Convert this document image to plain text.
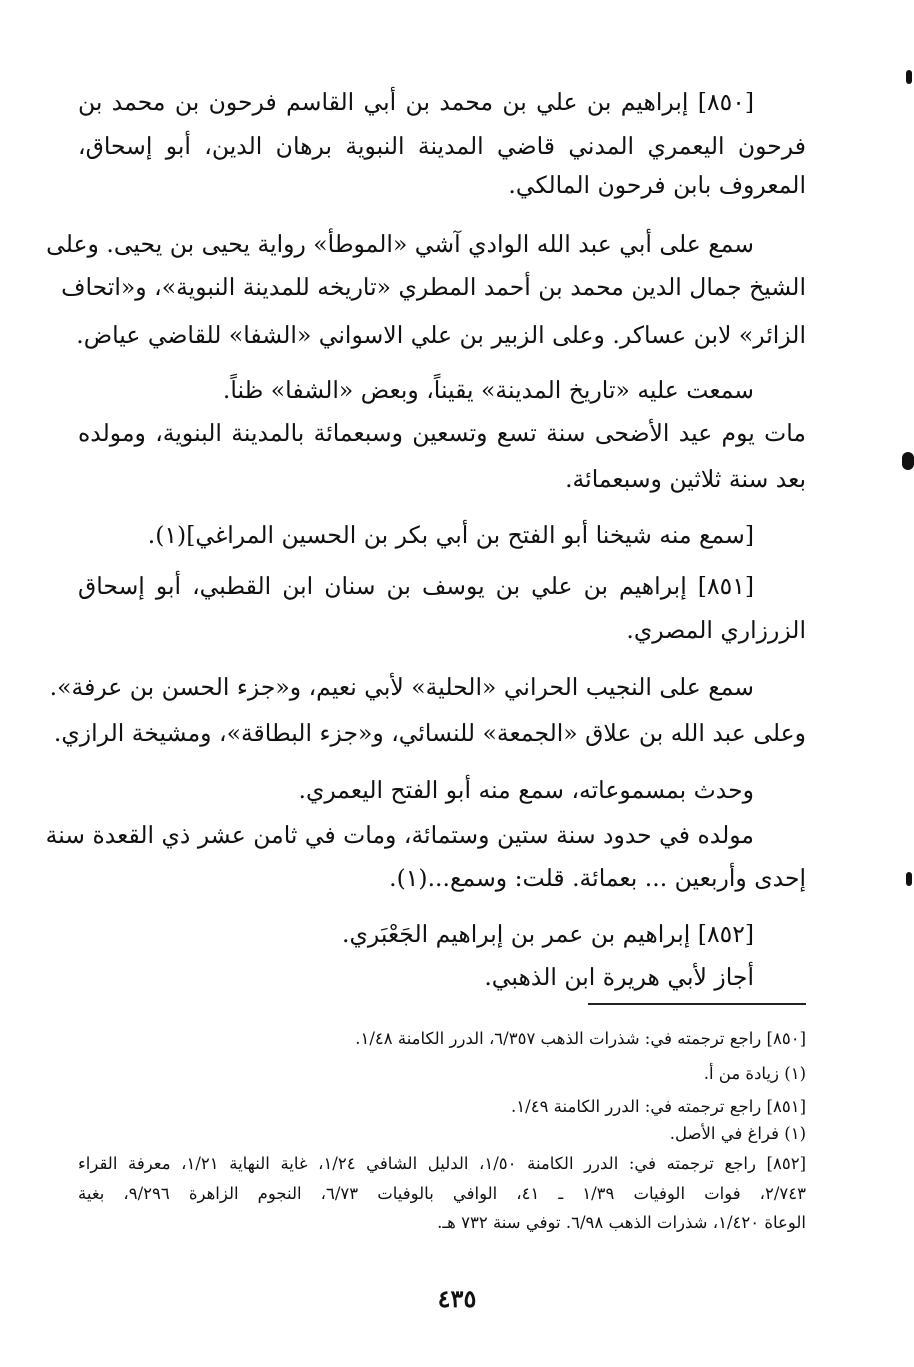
[٨٥٠] إبراهيم بن علي بن محمد بن أبي القاسم فرحون بن محمد بن
فرحون اليعمري المدني قاضي المدينة النبوية برهان الدين، أبو إسحاق،
المعروف بابن فرحون المالكي.
سمع على أبي عبد الله الوادي آشي «الموطأ» رواية يحيى بن يحيى. وعلى
الشيخ جمال الدين محمد بن أحمد المطري «تاريخه للمدينة النبوية»، و«اتحاف
الزائر» لابن عساكر. وعلى الزبير بن علي الاسواني «الشفا» للقاضي عياض.
سمعت عليه «تاريخ المدينة» يقيناً، وبعض «الشفا» ظناً.
مات يوم عيد الأضحى سنة تسع وتسعين وسبعمائة بالمدينة البنوية، ومولده
بعد سنة ثلاثين وسبعمائة.
[سمع منه شيخنا أبو الفتح بن أبي بكر بن الحسين المراغي](١).
[٨٥١] إبراهيم بن علي بن يوسف بن سنان ابن القطبي، أبو إسحاق
الزرزاري المصري.
سمع على النجيب الحراني «الحلية» لأبي نعيم، و«جزء الحسن بن عرفة».
وعلى عبد الله بن علاق «الجمعة» للنسائي، و«جزء البطاقة»، ومشيخة الرازي.
وحدث بمسموعاته، سمع منه أبو الفتح اليعمري.
مولده في حدود سنة ستين وستمائة، ومات في ثامن عشر ذي القعدة سنة
إحدى وأربعين ... بعمائة. قلت: وسمع...(١).
[٨٥٢] إبراهيم بن عمر بن إبراهيم الجَعْبَري.
أجاز لأبي هريرة ابن الذهبي.
[٨٥٠] راجع ترجمته في: شذرات الذهب ٦/٣٥٧، الدرر الكامنة ١/٤٨.
(١) زيادة من أ.
[٨٥١] راجع ترجمته في: الدرر الكامنة ١/٤٩.
(١) فراغ في الأصل.
[٨٥٢] راجع ترجمته في: الدرر الكامنة ١/٥٠، الدليل الشافي ١/٢٤، غاية النهاية ١/٢١، معرفة القراء
٢/٧٤٣، فوات الوفيات ١/٣٩ ـ ٤١، الوافي بالوفيات ٦/٧٣، النجوم الزاهرة ٩/٢٩٦، بغية
الوعاة ١/٤٢٠، شذرات الذهب ٦/٩٨. توفي سنة ٧٣٢ هـ.
٤٣٥
